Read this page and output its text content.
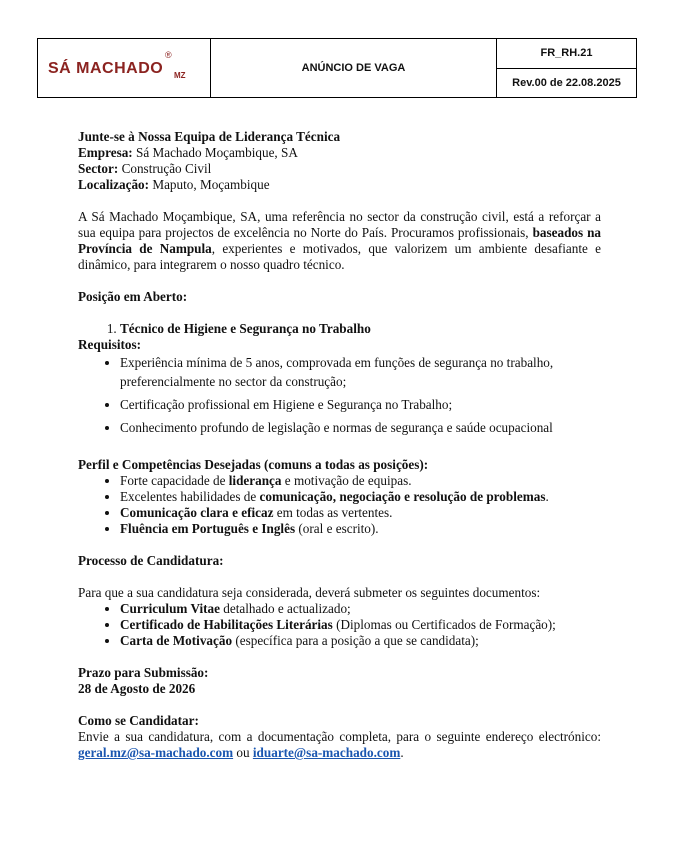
SÁ MACHADO
®
MZ
ANÚNCIO DE VAGA
FR_RH.21
Rev.00 de 22.08.2025

Junte-se à Nossa Equipa de Liderança Técnica
Empresa: Sá Machado Moçambique, SA
Sector: Construção Civil
Localização: Maputo, Moçambique

A Sá Machado Moçambique, SA, uma referência no sector da construção civil, está a reforçar a sua equipa para projectos de excelência no Norte do País. Procuramos profissionais, baseados na Província de Nampula, experientes e motivados, que valorizem um ambiente desafiante e dinâmico, para integrarem o nosso quadro técnico.

Posição em Aberto:

1. Técnico de Higiene e Segurança no Trabalho

Requisitos:

• Experiência mínima de 5 anos, comprovada em funções de segurança no trabalho, preferencialmente no sector da construção;
• Certificação profissional em Higiene e Segurança no Trabalho;
• Conhecimento profundo de legislação e normas de segurança e saúde ocupacional

Perfil e Competências Desejadas (comuns a todas as posições):

• Forte capacidade de liderança e motivação de equipas.
• Excelentes habilidades de comunicação, negociação e resolução de problemas.
• Comunicação clara e eficaz em todas as vertentes.
• Fluência em Português e Inglês (oral e escrito).

Processo de Candidatura:

Para que a sua candidatura seja considerada, deverá submeter os seguintes documentos:

• Curriculum Vitae detalhado e actualizado;
• Certificado de Habilitações Literárias (Diplomas ou Certificados de Formação);
• Carta de Motivação (específica para a posição a que se candidata);

Prazo para Submissão:
28 de Agosto de 2026

Como se Candidatar:

Envie a sua candidatura, com a documentação completa, para o seguinte endereço electrónico: geral.mz@sa-machado.com ou iduarte@sa-machado.com.
